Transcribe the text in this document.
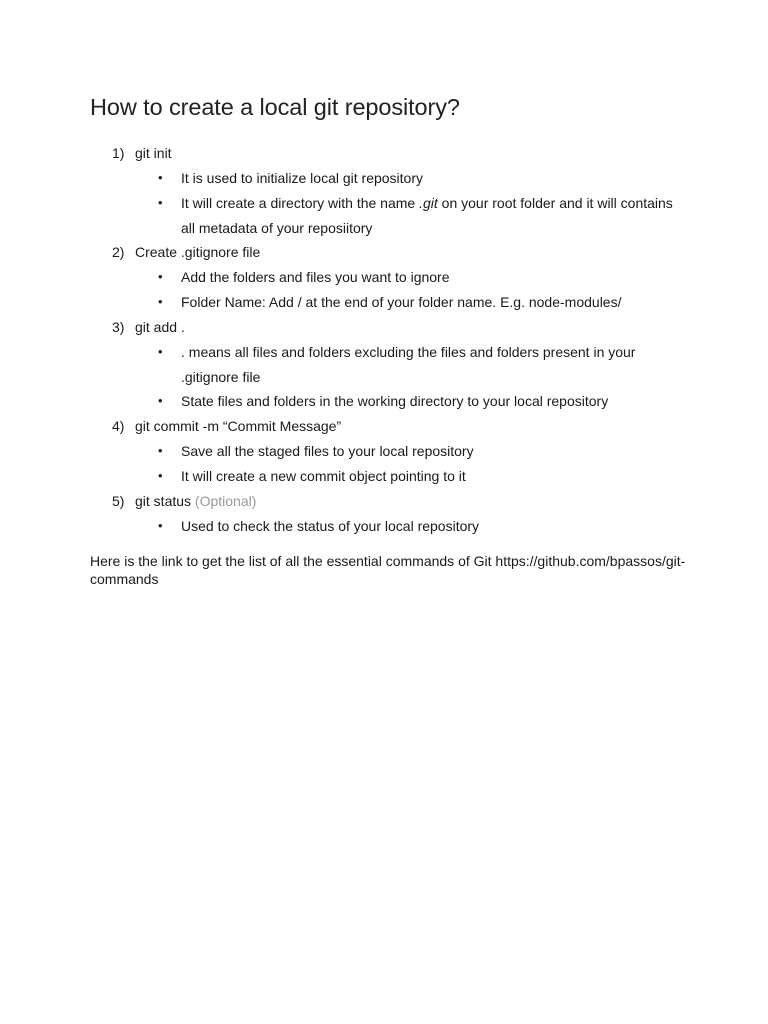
How to create a local git repository?
1) git init
• It is used to initialize local git repository
• It will create a directory with the name .git on your root folder and it will contains all metadata of your reposiitory
2) Create .gitignore file
• Add the folders and files you want to ignore
• Folder Name: Add / at the end of your folder name. E.g. node-modules/
3) git add .
• . means all files and folders excluding the files and folders present in your .gitignore file
• State files and folders in the working directory to your local repository
4) git commit -m “Commit Message”
• Save all the staged files to your local repository
• It will create a new commit object pointing to it
5) git status (Optional)
• Used to check the status of your local repository

Here is the link to get the list of all the essential commands of Git https://github.com/bpassos/git-commands
